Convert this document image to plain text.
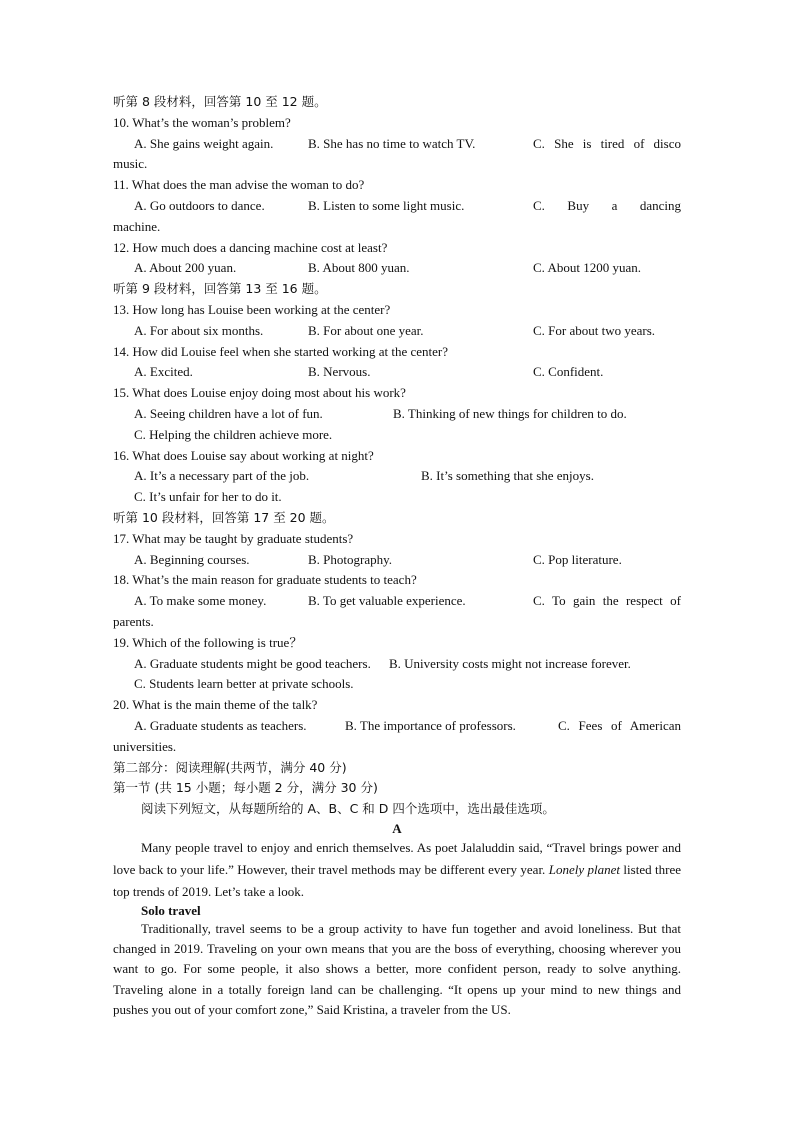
听第 8 段材料，回答第 10 至 12 题。
10. What’s the woman’s problem?
A. She gains weight again.	B. She has no time to watch TV.	C. She is tired of disco
music.
11. What does the man advise the woman to do?
A. Go outdoors to dance.	B. Listen to some light music.	C. Buy a dancing
machine.
12. How much does a dancing machine cost at least?
A. About 200 yuan.	B. About 800 yuan.	C. About 1200 yuan.
听第 9 段材料，回答第 13 至 16 题。
13. How long has Louise been working at the center?
A. For about six months.	B. For about one year.	C. For about two years.
14. How did Louise feel when she started working at the center?
A. Excited.	B. Nervous.	C. Confident.
15. What does Louise enjoy doing most about his work?
A. Seeing children have a lot of fun.	B. Thinking of new things for children to do.
C. Helping the children achieve more.
16. What does Louise say about working at night?
A. It’s a necessary part of the job.	B. It’s something that she enjoys.
C. It’s unfair for her to do it.
听第 10 段材料，回答第 17 至 20 题。
17. What may be taught by graduate students?
A. Beginning courses.	B. Photography.	C. Pop literature.
18. What’s the main reason for graduate students to teach?
A. To make some money.	B. To get valuable experience.	C. To gain the respect of
parents.
19. Which of the following is true？
A. Graduate students might be good teachers. B. University costs might not increase forever.
C. Students learn better at private schools.
20. What is the main theme of the talk?
A. Graduate students as teachers.	B. The importance of professors.	C. Fees of American
universities.
第二部分：阅读理解(共两节，满分 40 分)
第一节 (共 15 小题；每小题 2 分，满分 30 分)
阅读下列短文，从每题所给的 A、B、C 和 D 四个选项中，选出最佳选项。
A
Many people travel to enjoy and enrich themselves. As poet Jalaluddin said, “Travel brings power and love back to your life.” However, their travel methods may be different every year. Lonely planet listed three top trends of 2019. Let’s take a look.
Solo travel
Traditionally, travel seems to be a group activity to have fun together and avoid loneliness. But that changed in 2019. Traveling on your own means that you are the boss of everything, choosing wherever you want to go. For some people, it also shows a better, more confident person, ready to solve anything. Traveling alone in a totally foreign land can be challenging. “It opens up your mind to new things and pushes you out of your comfort zone,” Said Kristina, a traveler from the US.
